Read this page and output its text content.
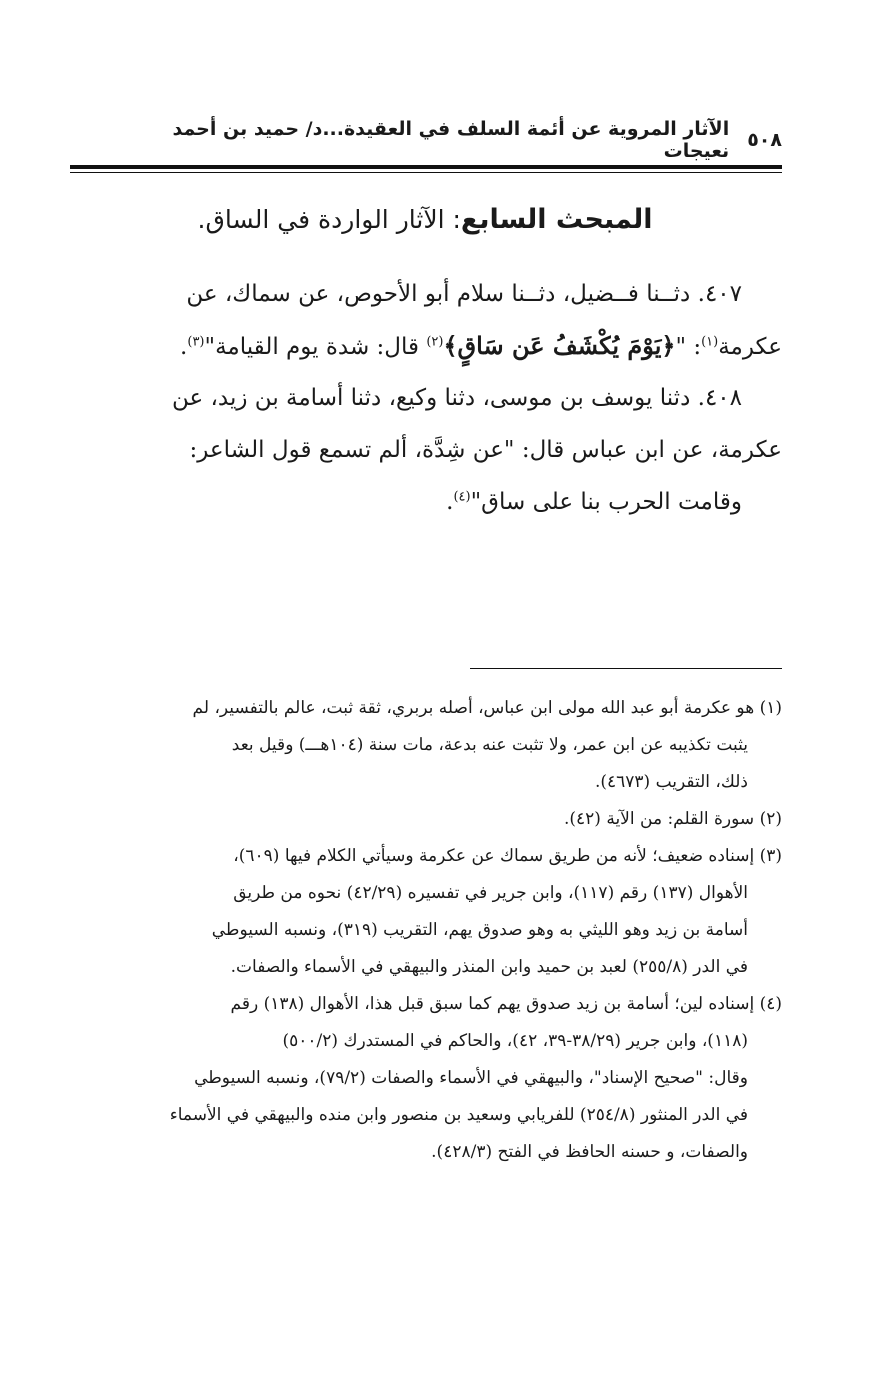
٥٠٨
الآثار المروية عن أئمة السلف في العقيدة...د/ حميد بن أحمد نعيجات
المبحث السابع: الآثار الواردة في الساق.
٤٠٧. دثــنا فــضيل، دثــنا سلام أبو الأحوص، عن سماك، عن
عكرمة$^{(١)}$: "﴿يَوْمَ يُكْشَفُ عَن سَاقٍ﴾$^{(٢)}$ قال: شدة يوم القيامة"$^{(٣)}$.
٤٠٨. دثنا يوسف بن موسى، دثنا وكيع، دثنا أسامة بن زيد، عن
عكرمة، عن ابن عباس قال: "عن شِدَّة، ألم تسمع قول الشاعر:
وقامت الحرب بنا على ساق"$^{(٤)}$.
(١) هو عكرمة أبو عبد الله مولى ابن عباس، أصله بربري، ثقة ثبت، عالم بالتفسير، لم
يثبت تكذيبه عن ابن عمر، ولا تثبت عنه بدعة، مات سنة (١٠٤هـــ) وقيل بعد
ذلك، التقريب (٤٦٧٣).
(٢) سورة القلم: من الآية (٤٢).
(٣) إسناده ضعيف؛ لأنه من طريق سماك عن عكرمة وسيأتي الكلام فيها (٦٠٩)،
الأهوال (١٣٧) رقم (١١٧)، وابن جرير في تفسيره (٤٢/٢٩) نحوه من طريق
أسامة بن زيد وهو الليثي به وهو صدوق يهم، التقريب (٣١٩)، ونسبه السيوطي
في الدر (٢٥٥/٨) لعبد بن حميد وابن المنذر والبيهقي في الأسماء والصفات.
(٤) إسناده لين؛ أسامة بن زيد صدوق يهم كما سبق قبل هذا، الأهوال (١٣٨) رقم
(١١٨)، وابن جرير (٣٨/٢٩-٣٩، ٤٢)، والحاكم في المستدرك (٥٠٠/٢)
وقال: "صحيح الإسناد"، والبيهقي في الأسماء والصفات (٧٩/٢)، ونسبه السيوطي
في الدر المنثور (٢٥٤/٨) للفريابي وسعيد بن منصور وابن منده والبيهقي في الأسماء
والصفات، و حسنه الحافظ في الفتح (٤٢٨/٣).
